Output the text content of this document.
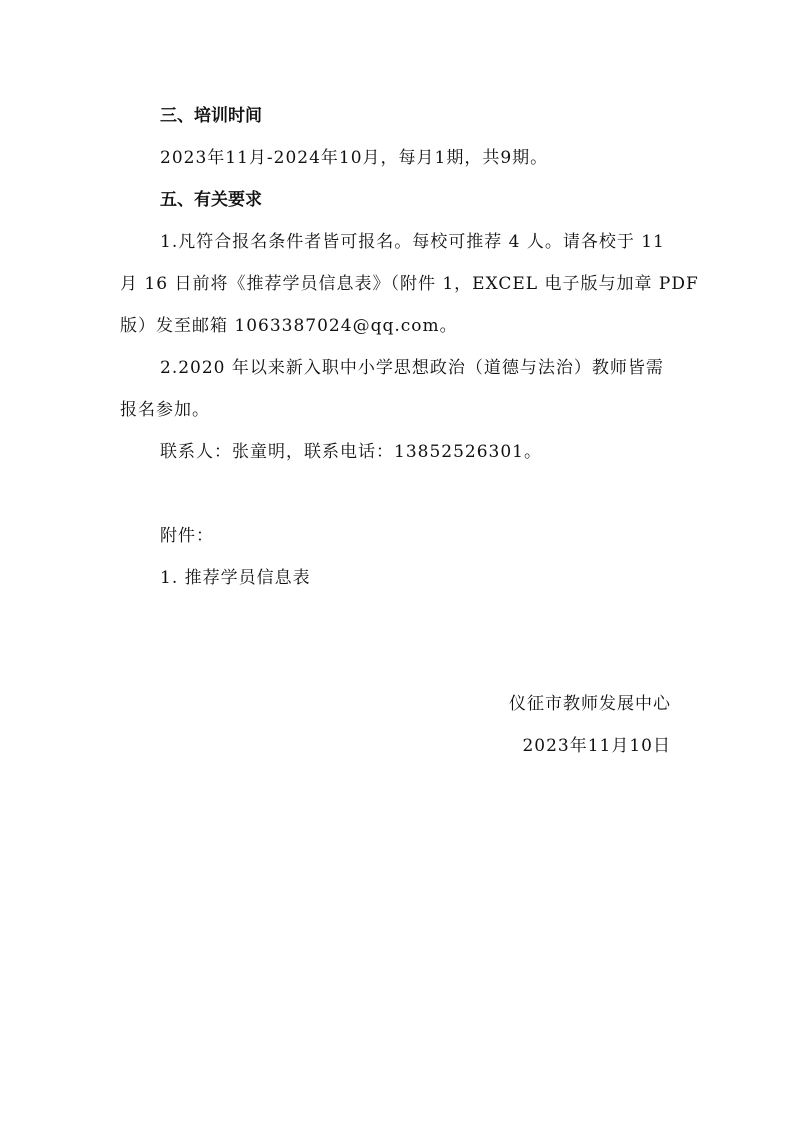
三、培训时间
2023年11月-2024年10月，每月1期，共9期。
五、有关要求
1.凡符合报名条件者皆可报名。每校可推荐 4 人。请各校于 11
月 16 日前将《推荐学员信息表》（附件 1，EXCEL 电子版与加章 PDF
版）发至邮箱 1063387024@qq.com。
2.2020 年以来新入职中小学思想政治（道德与法治）教师皆需
报名参加。
联系人：张童明，联系电话：13852526301。
附件：
1. 推荐学员信息表
仪征市教师发展中心
2023年11月10日
